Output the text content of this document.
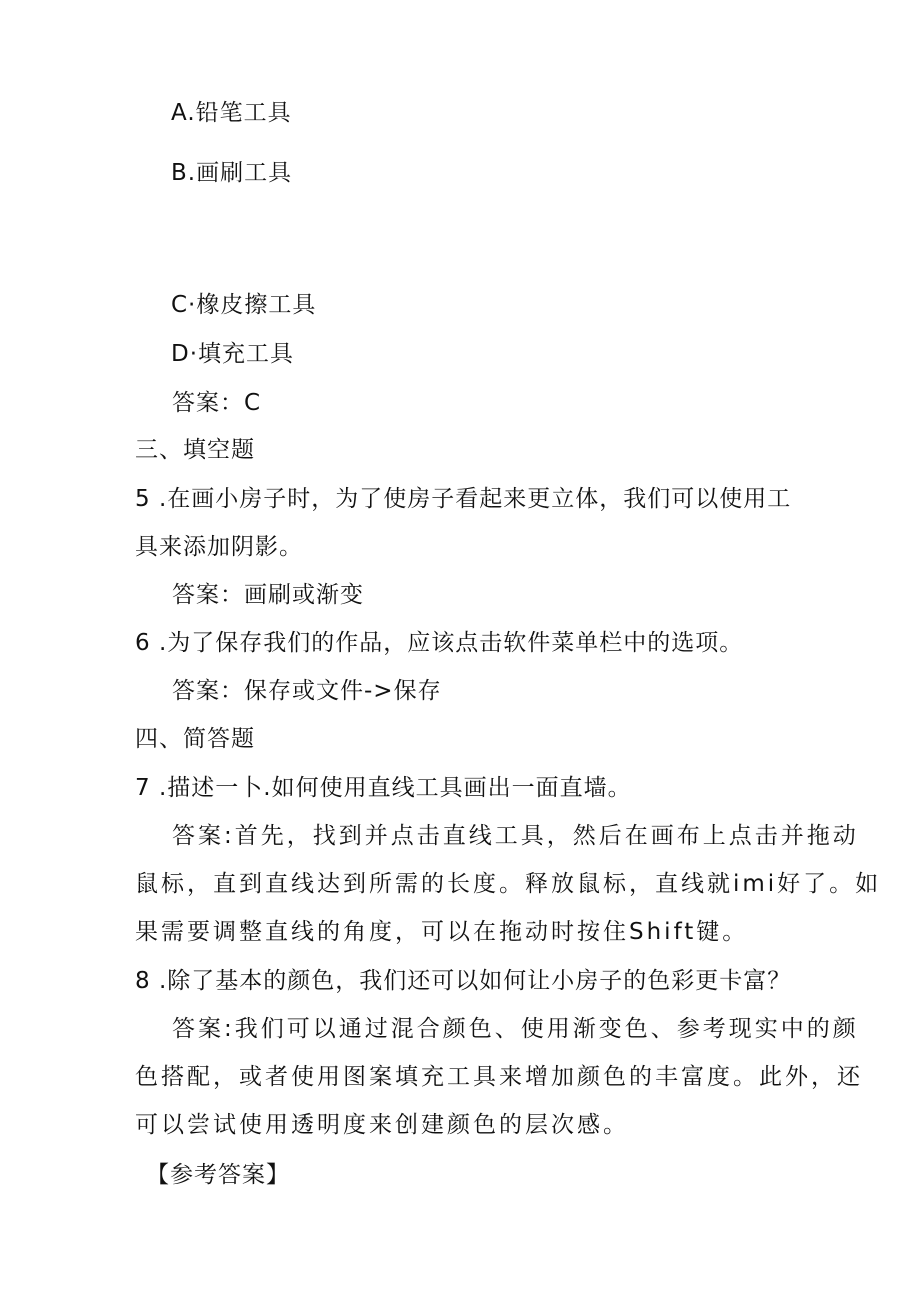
A.铅笔工具
B.画刷工具
C·橡皮擦工具
D·填充工具
答案：C
三、填空题
5 .在画小房子时，为了使房子看起来更立体，我们可以使用工
具来添加阴影。
答案：画刷或渐变
6 .为了保存我们的作品，应该点击软件菜单栏中的选项。
答案：保存或文件->保存
四、简答题
7 .描述一卜.如何使用直线工具画出一面直墙。
答案:首先，找到并点击直线工具，然后在画布上点击并拖动
鼠标，直到直线达到所需的长度。释放鼠标，直线就imi好了。如
果需要调整直线的角度，可以在拖动时按住Shift键。
8 .除了基本的颜色，我们还可以如何让小房子的色彩更卡富？
答案:我们可以通过混合颜色、使用渐变色、参考现实中的颜
色搭配，或者使用图案填充工具来增加颜色的丰富度。此外，还
可以尝试使用透明度来创建颜色的层次感。
【参考答案】
